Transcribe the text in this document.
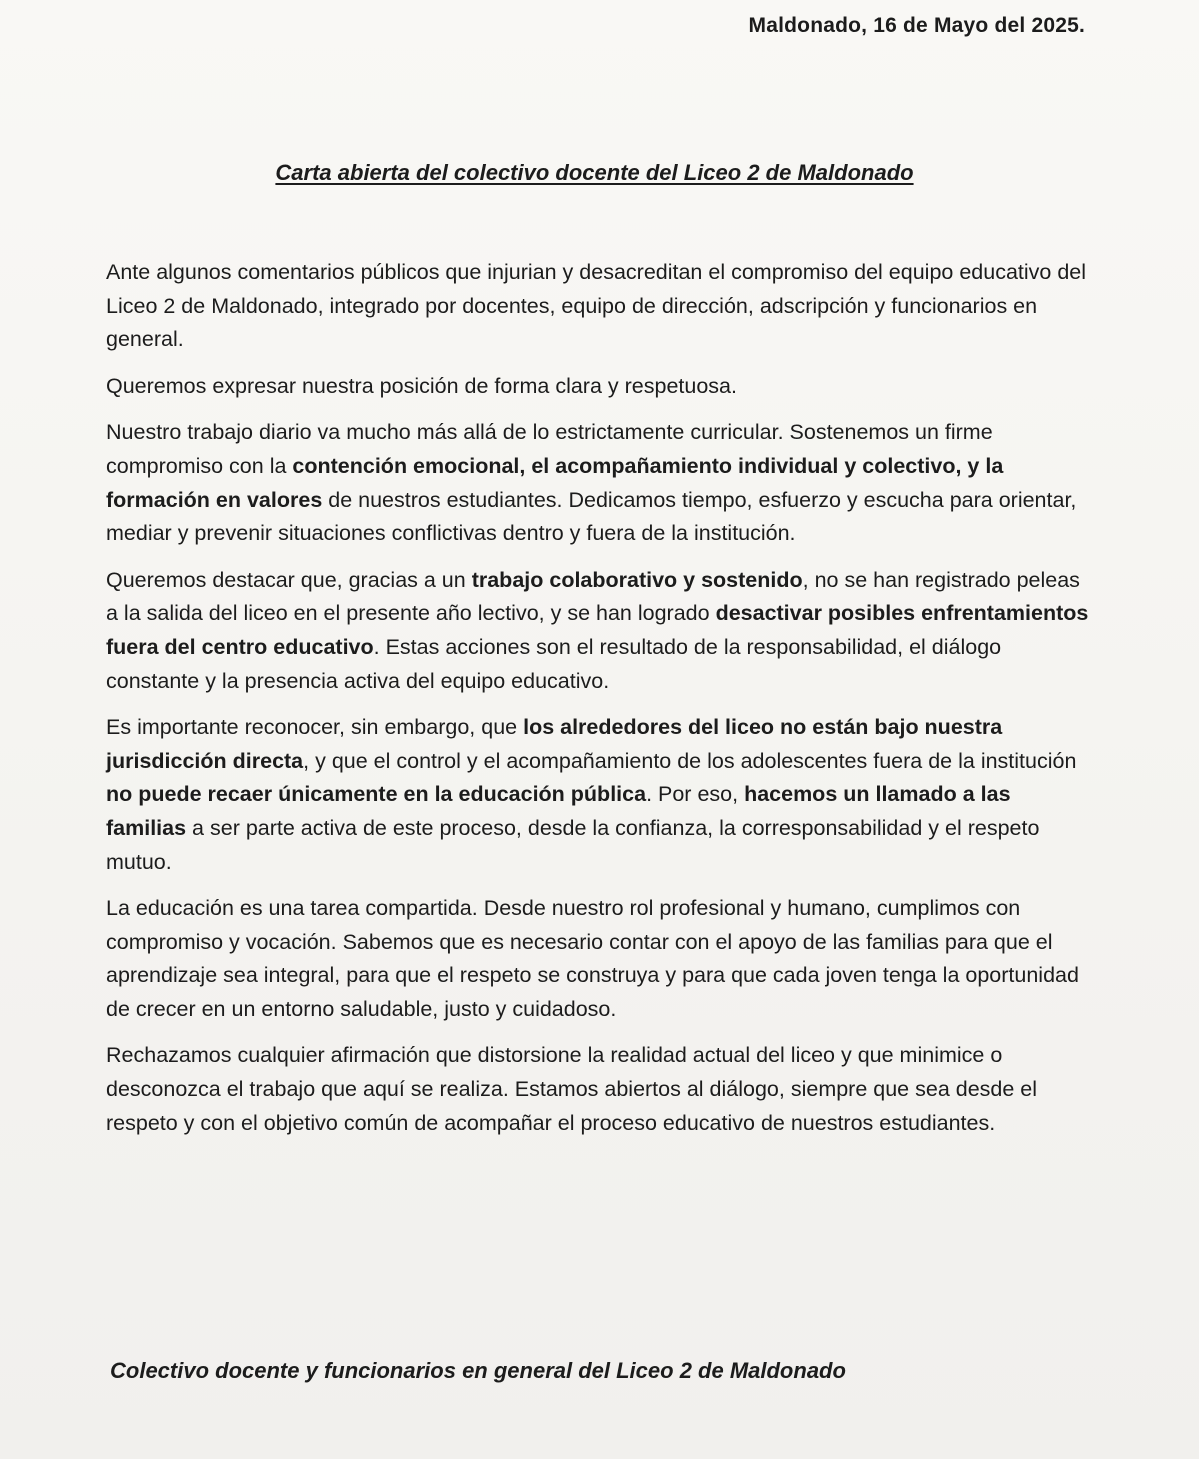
Maldonado, 16 de Mayo del 2025.
Carta abierta del colectivo docente del Liceo 2 de Maldonado

Ante algunos comentarios públicos que injurian y desacreditan el compromiso del equipo educativo del Liceo 2 de Maldonado, integrado por docentes, equipo de dirección, adscripción y funcionarios en general.

Queremos expresar nuestra posición de forma clara y respetuosa.

Nuestro trabajo diario va mucho más allá de lo estrictamente curricular. Sostenemos un firme compromiso con la contención emocional, el acompañamiento individual y colectivo, y la formación en valores de nuestros estudiantes. Dedicamos tiempo, esfuerzo y escucha para orientar, mediar y prevenir situaciones conflictivas dentro y fuera de la institución.

Queremos destacar que, gracias a un trabajo colaborativo y sostenido, no se han registrado peleas a la salida del liceo en el presente año lectivo, y se han logrado desactivar posibles enfrentamientos fuera del centro educativo. Estas acciones son el resultado de la responsabilidad, el diálogo constante y la presencia activa del equipo educativo.

Es importante reconocer, sin embargo, que los alrededores del liceo no están bajo nuestra jurisdicción directa, y que el control y el acompañamiento de los adolescentes fuera de la institución no puede recaer únicamente en la educación pública. Por eso, hacemos un llamado a las familias a ser parte activa de este proceso, desde la confianza, la corresponsabilidad y el respeto mutuo.

La educación es una tarea compartida. Desde nuestro rol profesional y humano, cumplimos con compromiso y vocación. Sabemos que es necesario contar con el apoyo de las familias para que el aprendizaje sea integral, para que el respeto se construya y para que cada joven tenga la oportunidad de crecer en un entorno saludable, justo y cuidadoso.

Rechazamos cualquier afirmación que distorsione la realidad actual del liceo y que minimice o desconozca el trabajo que aquí se realiza. Estamos abiertos al diálogo, siempre que sea desde el respeto y con el objetivo común de acompañar el proceso educativo de nuestros estudiantes.

Colectivo docente y funcionarios en general del Liceo 2 de Maldonado
